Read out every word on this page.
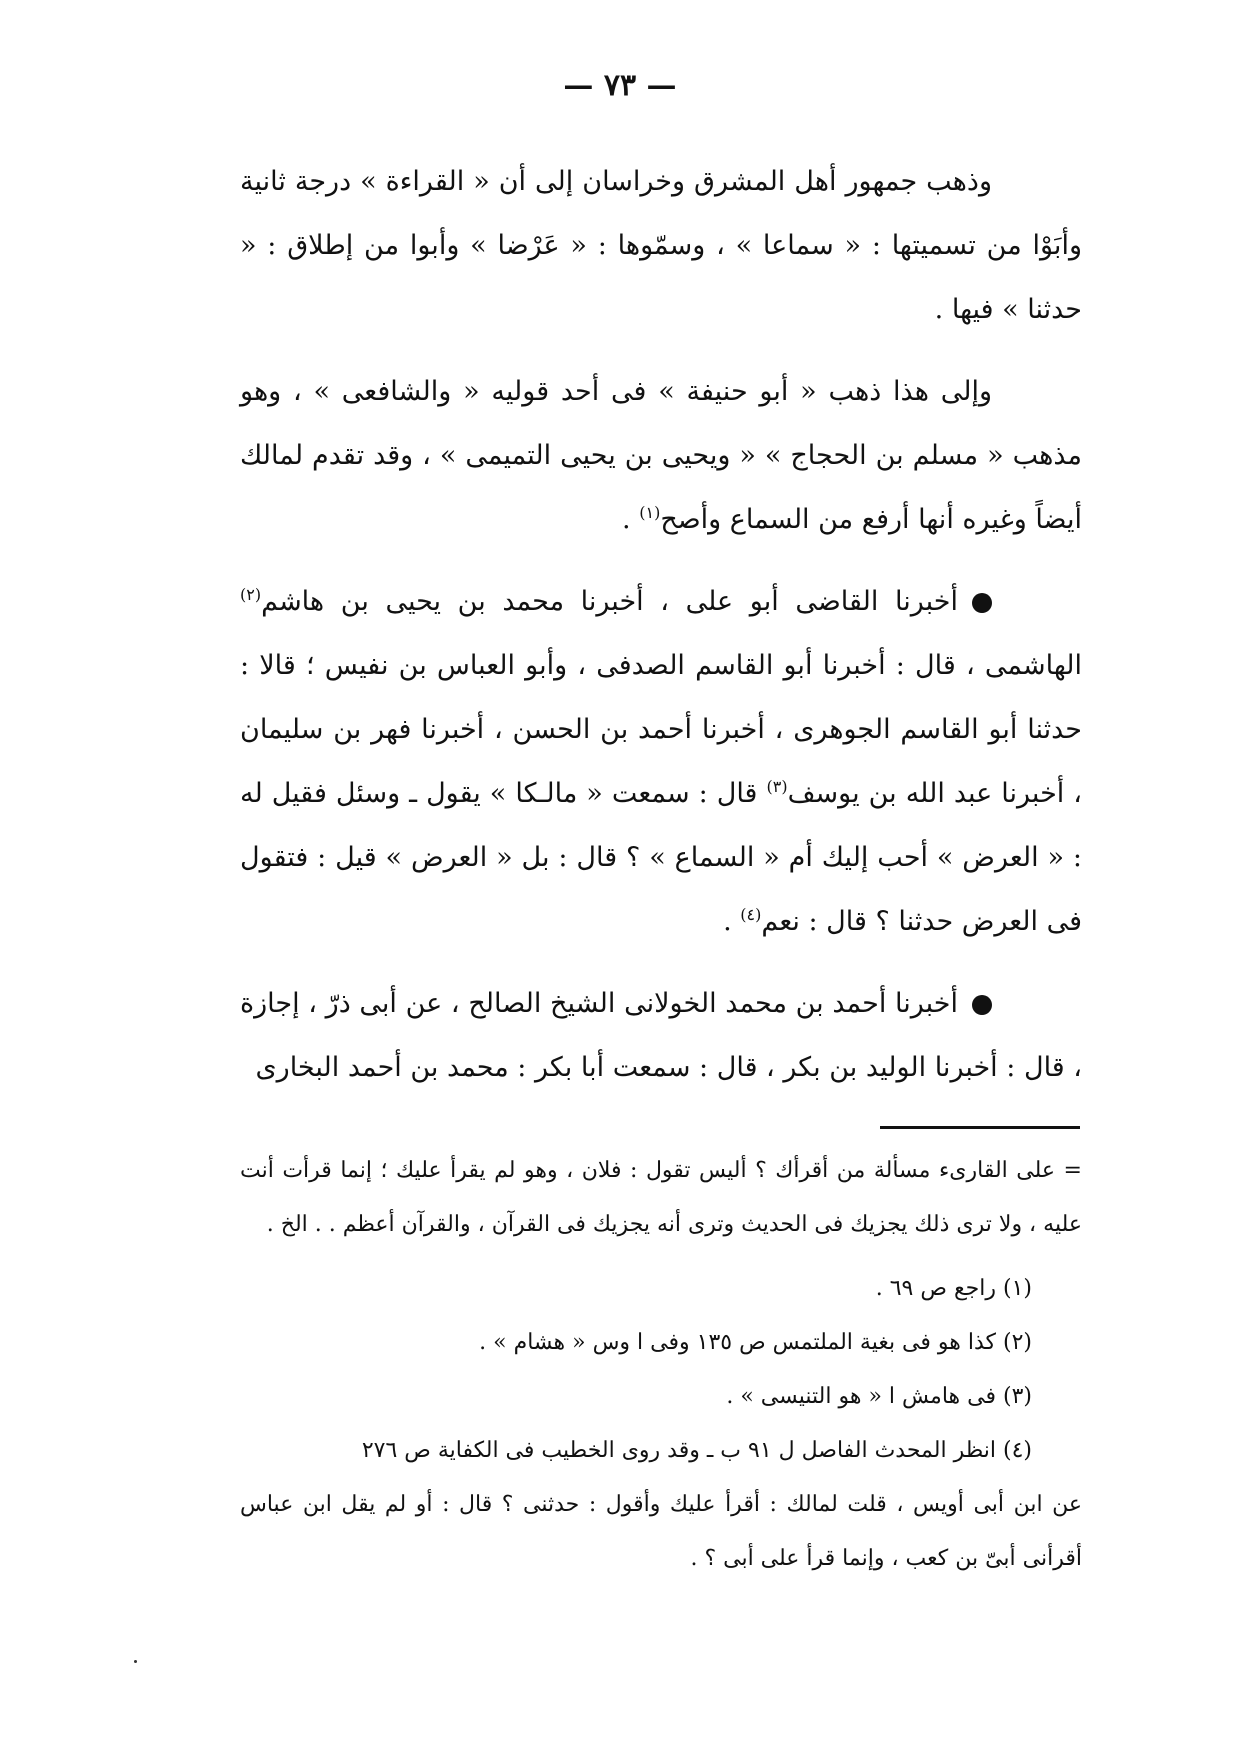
— ٧٣ —

وذهب جمهور أهل المشرق وخراسان إلى أن « القراءة » درجة ثانية وأبَوْا من تسميتها : « سماعا » ، وسمّوها : « عَرْضا » وأبوا من إطلاق : « حدثنا » فيها .

وإلى هذا ذهب « أبو حنيفة » فى أحد قوليه « والشافعى » ، وهو مذهب « مسلم بن الحجاج » « ويحيى بن يحيى التميمى » ، وقد تقدم لمالك أيضاً وغيره أنها أرفع من السماع وأصح$^{(١)}$ .

أخبرنا القاضى أبو على ، أخبرنا محمد بن يحيى بن هاشم$^{(٢)}$ الهاشمى ، قال : أخبرنا أبو القاسم الصدفى ، وأبو العباس بن نفيس ؛ قالا : حدثنا أبو القاسم الجوهرى ، أخبرنا أحمد بن الحسن ، أخبرنا فهر بن سليمان ، أخبرنا عبد الله بن يوسف$^{(٣)}$ قال : سمعت « مالـكا » يقول ـ وسئل فقيل له : « العرض » أحب إليك أم « السماع » ؟ قال : بل « العرض » قيل : فتقول فى العرض حدثنا ؟ قال : نعم$^{(٤)}$ .

أخبرنا أحمد بن محمد الخولانى الشيخ الصالح ، عن أبى ذرّ ، إجازة ، قال : أخبرنا الوليد بن بكر ، قال : سمعت أبا بكر : محمد بن أحمد البخارى

= على القارىء مسألة من أقرأك ؟ أليس تقول : فلان ، وهو لم يقرأ عليك ؛ إنما قرأت أنت عليه ، ولا ترى ذلك يجزيك فى الحديث وترى أنه يجزيك فى القرآن ، والقرآن أعظم . . الخ .

(١) راجع ص ٦٩ .

(٢) كذا هو فى بغية الملتمس ص ١٣٥ وفى ا وس « هشام » .

(٣) فى هامش ا « هو التنيسى » .

(٤) انظر المحدث الفاصل ل ٩١ ب ـ وقد روى الخطيب فى الكفاية ص ٢٧٦

عن ابن أبى أويس ، قلت لمالك : أقرأ عليك وأقول : حدثنى ؟ قال : أو لم يقل ابن عباس أقرأنى أبىّ بن كعب ، وإنما قرأ على أبى ؟ .
